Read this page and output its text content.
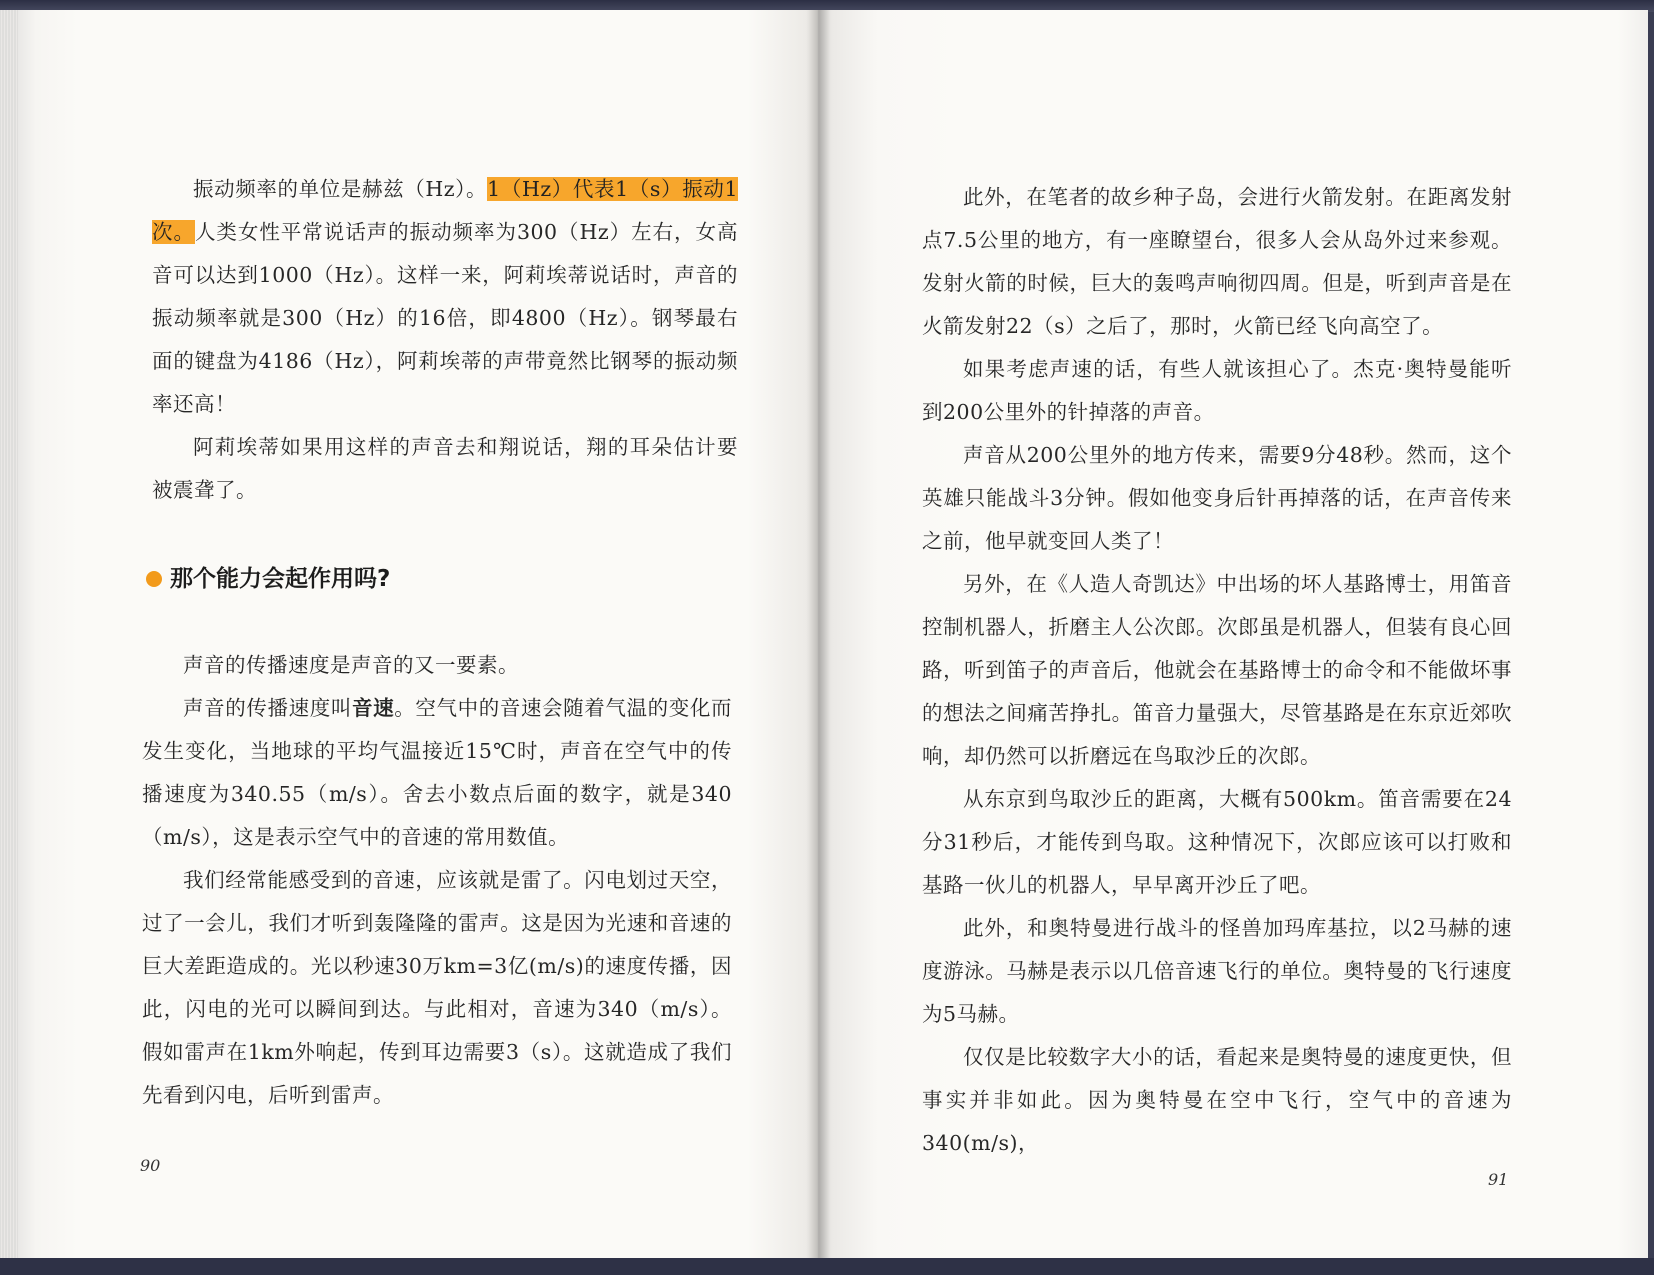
振动频率的单位是赫兹（Hz）。1（Hz）代表1（s）振动1次。人类女性平常说话声的振动频率为300（Hz）左右，女高音可以达到1000（Hz）。这样一来，阿莉埃蒂说话时，声音的振动频率就是300（Hz）的16倍，即4800（Hz）。钢琴最右面的键盘为4186（Hz），阿莉埃蒂的声带竟然比钢琴的振动频率还高！

阿莉埃蒂如果用这样的声音去和翔说话，翔的耳朵估计要被震聋了。

那个能力会起作用吗?

声音的传播速度是声音的又一要素。

声音的传播速度叫音速。空气中的音速会随着气温的变化而发生变化，当地球的平均气温接近15℃时，声音在空气中的传播速度为340.55（m/s）。舍去小数点后面的数字，就是340（m/s），这是表示空气中的音速的常用数值。

我们经常能感受到的音速，应该就是雷了。闪电划过天空，过了一会儿，我们才听到轰隆隆的雷声。这是因为光速和音速的巨大差距造成的。光以秒速30万km=3亿(m/s)的速度传播，因此，闪电的光可以瞬间到达。与此相对，音速为340（m/s）。假如雷声在1km外响起，传到耳边需要3（s）。这就造成了我们先看到闪电，后听到雷声。

90

此外，在笔者的故乡种子岛，会进行火箭发射。在距离发射点7.5公里的地方，有一座瞭望台，很多人会从岛外过来参观。发射火箭的时候，巨大的轰鸣声响彻四周。但是，听到声音是在火箭发射22（s）之后了，那时，火箭已经飞向高空了。

如果考虑声速的话，有些人就该担心了。杰克·奥特曼能听到200公里外的针掉落的声音。

声音从200公里外的地方传来，需要9分48秒。然而，这个英雄只能战斗3分钟。假如他变身后针再掉落的话，在声音传来之前，他早就变回人类了！

另外，在《人造人奇凯达》中出场的坏人基路博士，用笛音控制机器人，折磨主人公次郎。次郎虽是机器人，但装有良心回路，听到笛子的声音后，他就会在基路博士的命令和不能做坏事的想法之间痛苦挣扎。笛音力量强大，尽管基路是在东京近郊吹响，却仍然可以折磨远在鸟取沙丘的次郎。

从东京到鸟取沙丘的距离，大概有500km。笛音需要在24分31秒后，才能传到鸟取。这种情况下，次郎应该可以打败和基路一伙儿的机器人，早早离开沙丘了吧。

此外，和奥特曼进行战斗的怪兽加玛库基拉，以2马赫的速度游泳。马赫是表示以几倍音速飞行的单位。奥特曼的飞行速度为5马赫。

仅仅是比较数字大小的话，看起来是奥特曼的速度更快，但事实并非如此。因为奥特曼在空中飞行，空气中的音速为340(m/s)，

91
